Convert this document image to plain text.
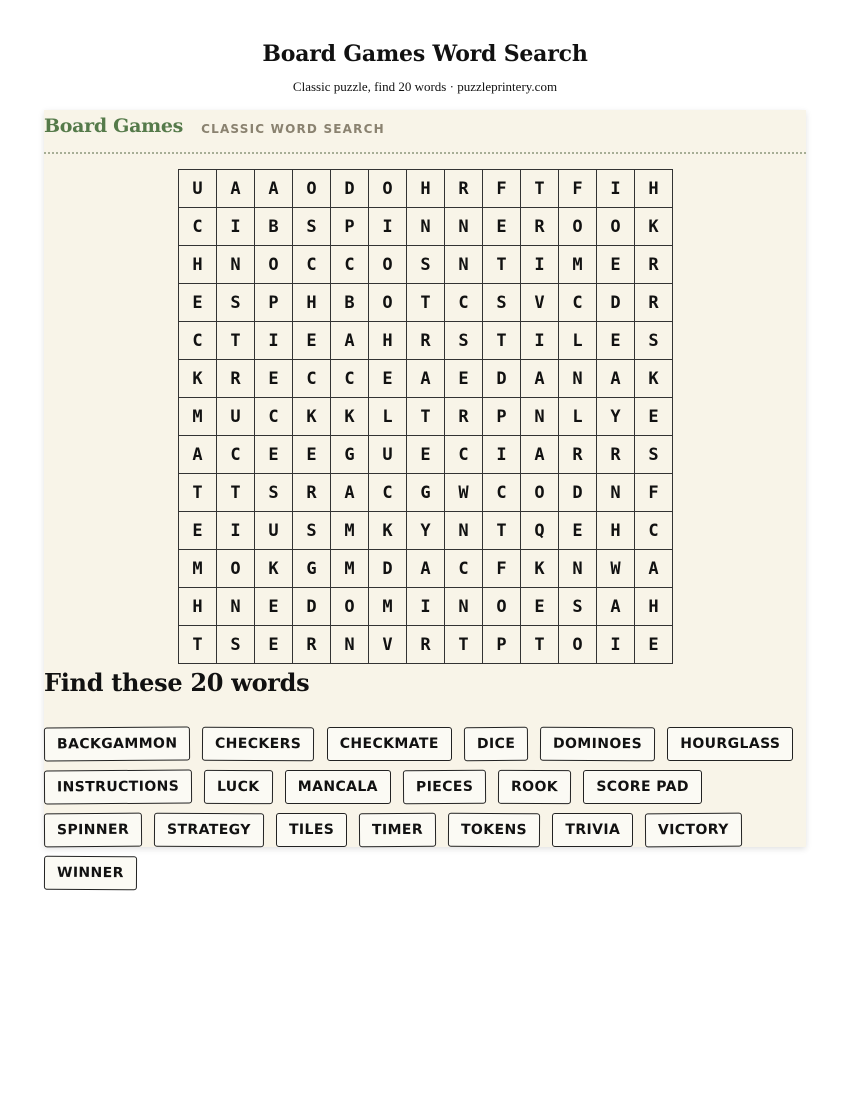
Board Games Word Search
Classic puzzle, find 20 words · puzzleprintery.com
Board Games CLASSIC WORD SEARCH
U	A	A	O	D	O	H	R	F	T	F	I	H
C	I	B	S	P	I	N	N	E	R	O	O	K
H	N	O	C	C	O	S	N	T	I	M	E	R
E	S	P	H	B	O	T	C	S	V	C	D	R
C	T	I	E	A	H	R	S	T	I	L	E	S
K	R	E	C	C	E	A	E	D	A	N	A	K
M	U	C	K	K	L	T	R	P	N	L	Y	E
A	C	E	E	G	U	E	C	I	A	R	R	S
T	T	S	R	A	C	G	W	C	O	D	N	F
E	I	U	S	M	K	Y	N	T	Q	E	H	C
M	O	K	G	M	D	A	C	F	K	N	W	A
H	N	E	D	O	M	I	N	O	E	S	A	H
T	S	E	R	N	V	R	T	P	T	O	I	E
Find these 20 words
BACKGAMMON	CHECKERS	CHECKMATE	DICE	DOMINOES	HOURGLASS
INSTRUCTIONS	LUCK	MANCALA	PIECES	ROOK	SCORE PAD
SPINNER	STRATEGY	TILES	TIMER	TOKENS	TRIVIA	VICTORY
WINNER
